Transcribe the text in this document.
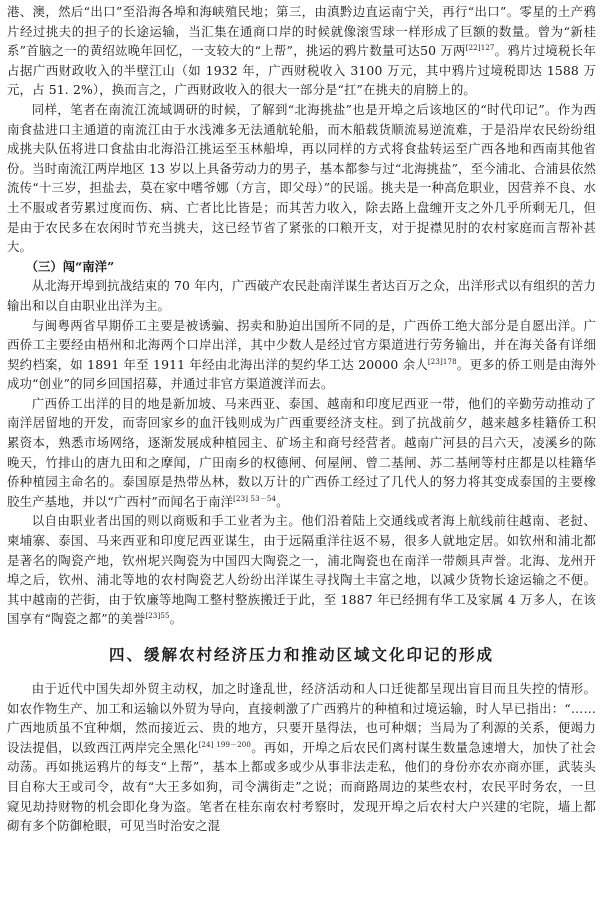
港、澳，然后“出口”至沿海各埠和海峡殖民地；第三，由滇黔边直运南宁关，再行“出口”。零星的土产鸦片经过挑夫的担子的长途运输，当汇集在通商口岸的时候就像滚雪球一样形成了巨额的数量。曾为“新桂系”首脑之一的黄绍竑晚年回忆，一支较大的“上帮”，挑运的鸦片数量可达50 万两$^{[22]127}$。鸦片过境税长年占据广西财政收入的半壁江山（如 1932 年，广西财税收入 3100 万元，其中鸦片过境税即达 1588 万元，占 51. 2%），换而言之，广西财政收入的很大一部分是“扛”在挑夫的肩膀上的。

同样，笔者在南流江流域调研的时候，了解到“北海挑盐”也是开埠之后该地区的“时代印记”。作为西南食盐进口主通道的南流江由于水浅滩多无法通航轮船，而木船载货顺流易逆流难，于是沿岸农民纷纷组成挑夫队伍将进口食盐由北海沿江挑运至玉林船埠，再以同样的方式将食盐转运至广西各地和西南其他省份。当时南流江两岸地区 13 岁以上具备劳动力的男子，基本都参与过“北海挑盐”，至今浦北、合浦县依然流传“十三岁，担盐去，莫在家中嗜爷娜（方言，即父母）”的民谣。挑夫是一种高危职业，因营养不良、水土不服或者劳累过度而伤、病、亡者比比皆是；而其苦力收入，除去路上盘缠开支之外几乎所剩无几，但是由于农民多在农闲时节充当挑夫，这已经节省了紧张的口粮开支，对于捉襟见肘的农村家庭而言帮补甚大。

（三）闯“南洋”

从北海开埠到抗战结束的 70 年内，广西破产农民赴南洋谋生者达百万之众，出洋形式以有组织的苦力输出和以自由职业出洋为主。

与闽粤两省早期侨工主要是被诱骗、拐卖和胁迫出国所不同的是，广西侨工绝大部分是自愿出洋。广西侨工主要经由梧州和北海两个口岸出洋，其中少数人是经过官方渠道进行劳务输出，并在海关备有详细契约档案，如 1891 年至 1911 年经由北海出洋的契约华工达 20000 余人$^{[23]178}$。更多的侨工则是由海外成功“创业”的同乡回国招募，并通过非官方渠道渡洋而去。

广西侨工出洋的目的地是新加坡、马来西亚、泰国、越南和印度尼西亚一带，他们的辛勤劳动推动了南洋居留地的开发，而寄回家乡的血汗钱则成为广西重要经济支柱。到了抗战前夕，越来越多桂籍侨工积累资本，熟悉市场网络，逐渐发展成种植园主、矿场主和商号经营者。越南广河县的吕六天，凌溪乡的陈晚天，竹排山的唐九田和之摩闻，广田南乡的权德闸、何屋闸、曾二基闸、苏二基闸等村庄都是以桂籍华侨种植园主命名的。泰国原是热带丛林，数以万计的广西侨工经过了几代人的努力将其变成泰国的主要橡胶生产基地，并以“广西村”而闻名于南洋$^{[23] 53-54}$。

以自由职业者出国的则以商贩和手工业者为主。他们沿着陆上交通线或者海上航线前往越南、老挝、柬埔寨、泰国、马来西亚和印度尼西亚谋生，由于远隔重洋往返不易，很多人就地定居。如钦州和浦北都是著名的陶瓷产地，钦州坭兴陶瓷为中国四大陶瓷之一，浦北陶瓷也在南洋一带颇具声誉。北海、龙州开埠之后，钦州、浦北等地的农村陶瓷艺人纷纷出洋谋生寻找陶土丰富之地，以减少货物长途运输之不便。其中越南的芒街，由于钦廉等地陶工整村整族搬迁于此，至 1887 年已经拥有华工及家属 4 万多人，在该国享有“陶瓷之都”的美誉$^{[23]55}$。

四、缓解农村经济压力和推动区域文化印记的形成

由于近代中国失却外贸主动权，加之时逢乱世，经济活动和人口迁徙都呈现出盲目而且失控的情形。如农作物生产、加工和运输以外贸为导向，直接刺激了广西鸦片的种植和过境运输，时人早已指出：“……广西地质虽不宜种烟，然而接近云、贵的地方，只要开垦得法，也可种烟；当局为了利源的关系，便竭力设法提倡，以致西江两岸完全黑化$^{[24] 199-200}$。再如，开埠之后农民们离村谋生数量急速增大，加快了社会动荡。再如挑运鸦片的每支“上帮”，基本上都或多或少从事非法走私，他们的身份亦农亦商亦匪，武装头目自称大王或司令，故有“大王多如狗，司令满街走”之说；而商路周边的某些农村，农民平时务农，一旦窥见劫持财物的机会即化身为盗。笔者在桂东南农村考察时，发现开埠之后农村大户兴建的宅院，墙上都砌有多个防御枪眼，可见当时治安之混
